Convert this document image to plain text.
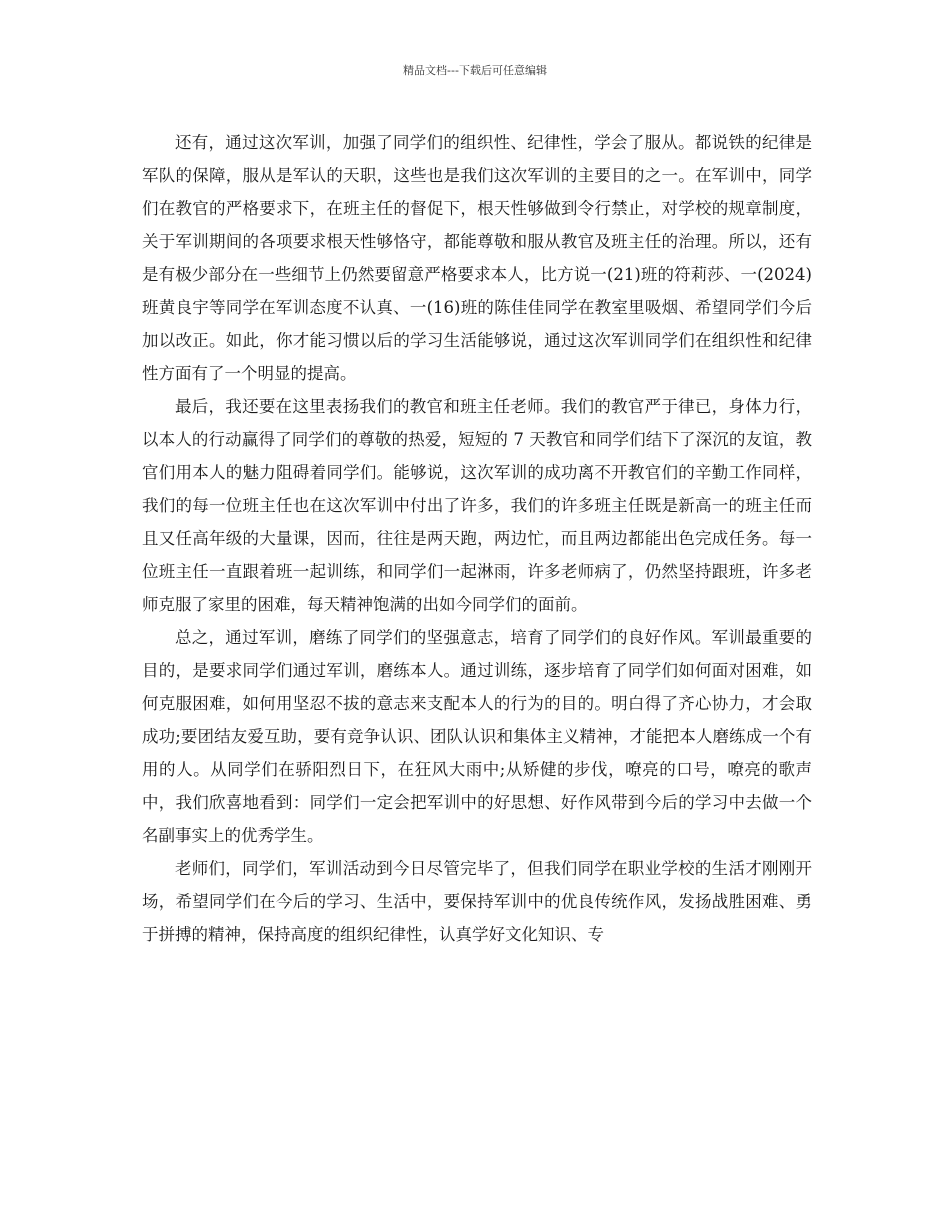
精品文档---下载后可任意编辑

还有，通过这次军训，加强了同学们的组织性、纪律性，学会了服从。都说铁的纪律是军队的保障，服从是军认的天职，这些也是我们这次军训的主要目的之一。在军训中，同学们在教官的严格要求下，在班主任的督促下，根天性够做到令行禁止，对学校的规章制度，关于军训期间的各项要求根天性够恪守，都能尊敬和服从教官及班主任的治理。所以，还有是有极少部分在一些细节上仍然要留意严格要求本人，比方说一(21)班的符莉莎、一(2024)班黄良宇等同学在军训态度不认真、一(16)班的陈佳佳同学在教室里吸烟、希望同学们今后加以改正。如此，你才能习惯以后的学习生活能够说，通过这次军训同学们在组织性和纪律性方面有了一个明显的提高。

最后，我还要在这里表扬我们的教官和班主任老师。我们的教官严于律已，身体力行，以本人的行动赢得了同学们的尊敬的热爱，短短的 7 天教官和同学们结下了深沉的友谊，教官们用本人的魅力阻碍着同学们。能够说，这次军训的成功离不开教官们的辛勤工作同样，我们的每一位班主任也在这次军训中付出了许多，我们的许多班主任既是新高一的班主任而且又任高年级的大量课，因而，往往是两天跑，两边忙，而且两边都能出色完成任务。每一位班主任一直跟着班一起训练，和同学们一起淋雨，许多老师病了，仍然坚持跟班，许多老师克服了家里的困难，每天精神饱满的出如今同学们的面前。

总之，通过军训，磨练了同学们的坚强意志，培育了同学们的良好作风。军训最重要的目的，是要求同学们通过军训，磨练本人。通过训练，逐步培育了同学们如何面对困难，如何克服困难，如何用坚忍不拔的意志来支配本人的行为的目的。明白得了齐心协力，才会取成功;要团结友爱互助，要有竞争认识、团队认识和集体主义精神，才能把本人磨练成一个有用的人。从同学们在骄阳烈日下，在狂风大雨中;从矫健的步伐，嘹亮的口号，嘹亮的歌声中，我们欣喜地看到：同学们一定会把军训中的好思想、好作风带到今后的学习中去做一个名副事实上的优秀学生。

老师们，同学们，军训活动到今日尽管完毕了，但我们同学在职业学校的生活才刚刚开场，希望同学们在今后的学习、生活中，要保持军训中的优良传统作风，发扬战胜困难、勇于拼搏的精神，保持高度的组织纪律性，认真学好文化知识、专
